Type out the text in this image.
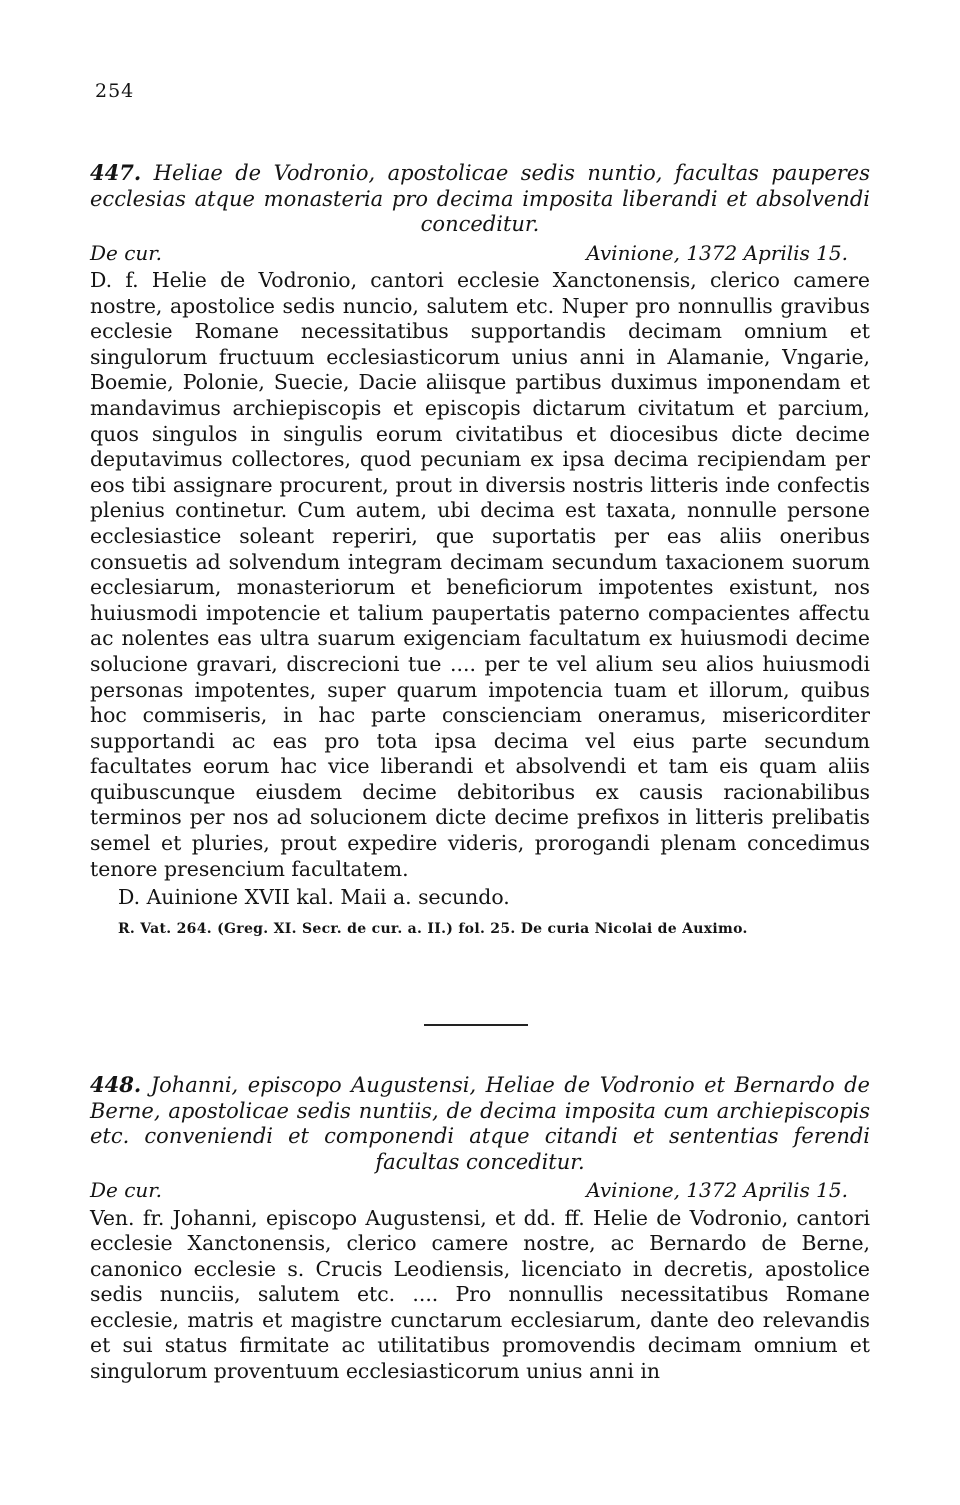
254
447. Heliae de Vodronio, apostolicae sedis nuntio, facultas pauperes ecclesias atque monasteria pro decima imposita liberandi et absolvendi conceditur.
De cur.	Avinione, 1372 Aprilis 15.
D. f. Helie de Vodronio, cantori ecclesie Xanctonensis, clerico camere nostre, apostolice sedis nuncio, salutem etc. Nuper pro nonnullis gravibus ecclesie Romane necessitatibus supportandis decimam omnium et singulorum fructuum ecclesiasticorum unius anni in Alamanie, Vngarie, Boemie, Polonie, Suecie, Dacie aliisque partibus duximus imponendam et mandavimus archiepiscopis et episcopis dictarum civitatum et parcium, quos singulos in singulis eorum civitatibus et diocesibus dicte decime deputavimus collectores, quod pecuniam ex ipsa decima recipiendam per eos tibi assignare procurent, prout in diversis nostris litteris inde confectis plenius continetur. Cum autem, ubi decima est taxata, nonnulle persone ecclesiastice soleant reperiri, que suportatis per eas aliis oneribus consuetis ad solvendum integram decimam secundum taxacionem suorum ecclesiarum, monasteriorum et beneficiorum impotentes existunt, nos huiusmodi impotencie et talium paupertatis paterno compacientes affectu ac nolentes eas ultra suarum exigenciam facultatum ex huiusmodi decime solucione gravari, discrecioni tue .... per te vel alium seu alios huiusmodi personas impotentes, super quarum impotencia tuam et illorum, quibus hoc commiseris, in hac parte conscienciam oneramus, misericorditer supportandi ac eas pro tota ipsa decima vel eius parte secundum facultates eorum hac vice liberandi et absolvendi et tam eis quam aliis quibuscunque eiusdem decime debitoribus ex causis racionabilibus terminos per nos ad solucionem dicte decime prefixos in litteris prelibatis semel et pluries, prout expedire videris, prorogandi plenam concedimus tenore presencium facultatem.
D. Auinione XVII kal. Maii a. secundo.
R. Vat. 264. (Greg. XI. Secr. de cur. a. II.) fol. 25. De curia Nicolai de Auximo.
448. Johanni, episcopo Augustensi, Heliae de Vodronio et Bernardo de Berne, apostolicae sedis nuntiis, de decima imposita cum archiepiscopis etc. conveniendi et componendi atque citandi et sententias ferendi facultas conceditur.
De cur.	Avinione, 1372 Aprilis 15.
Ven. fr. Johanni, episcopo Augustensi, et dd. ff. Helie de Vodronio, cantori ecclesie Xanctonensis, clerico camere nostre, ac Bernardo de Berne, canonico ecclesie s. Crucis Leodiensis, licenciato in decretis, apostolice sedis nunciis, salutem etc. .... Pro nonnullis necessitatibus Romane ecclesie, matris et magistre cunctarum ecclesiarum, dante deo relevandis et sui status firmitate ac utilitatibus promovendis decimam omnium et singulorum proventuum ecclesiasticorum unius anni in
